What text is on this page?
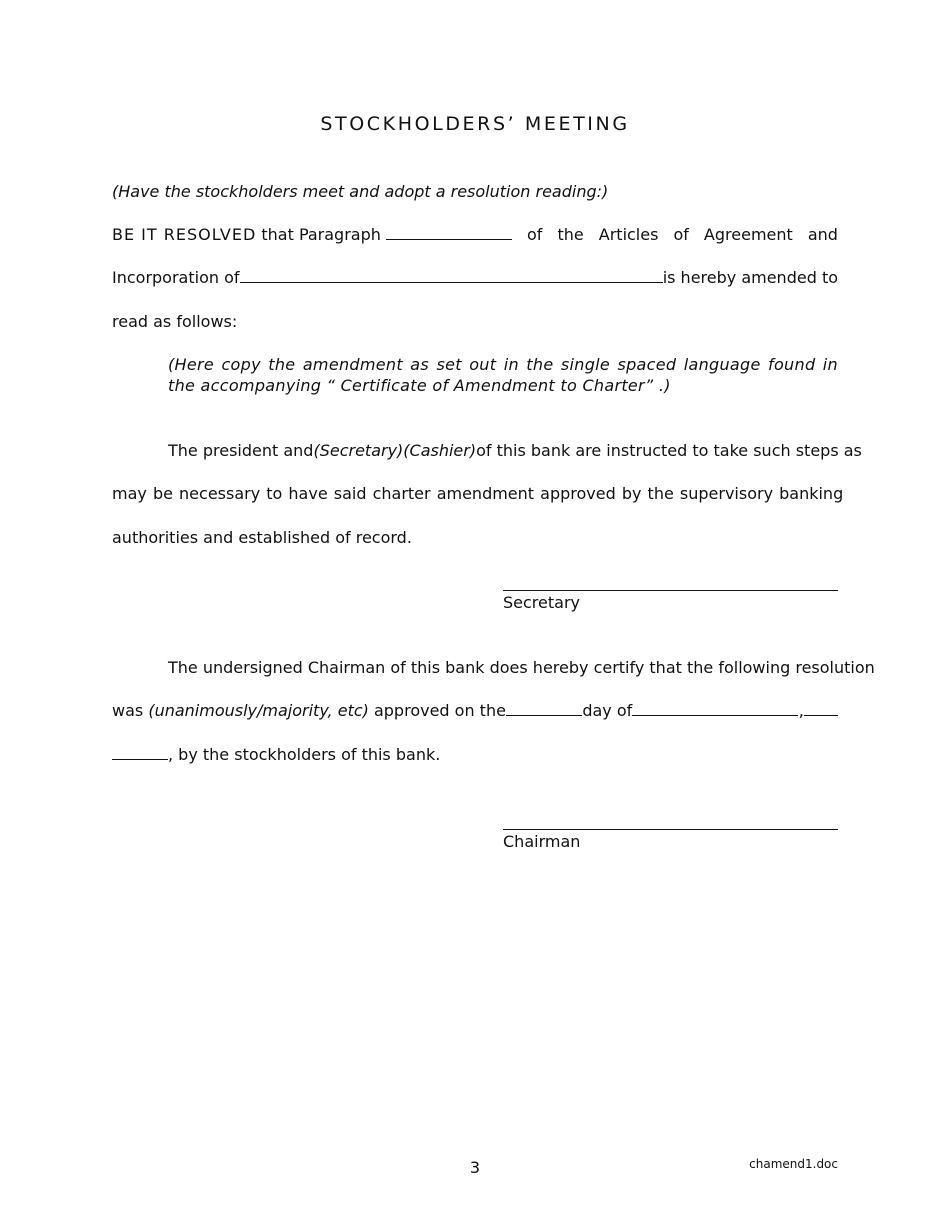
STOCKHOLDERS’ MEETING
(Have the stockholders meet and adopt a resolution reading:)
BE IT RESOLVED that Paragraph	of the Articles of Agreement and
Incorporation of	is hereby amended to
read as follows:
(Here copy the amendment as set out in the single spaced language found in the accompanying “ Certificate of Amendment to Charter” .)
The president and (Secretary)(Cashier) of this bank are instructed to take such steps as
may be necessary to have said charter amendment approved by the supervisory banking
authorities and established of record.
Secretary
The undersigned Chairman of this bank does hereby certify that the following resolution
was (unanimously/majority, etc) approved on the	day of	,
, by the stockholders of this bank.
Chairman
3	chamend1.doc
